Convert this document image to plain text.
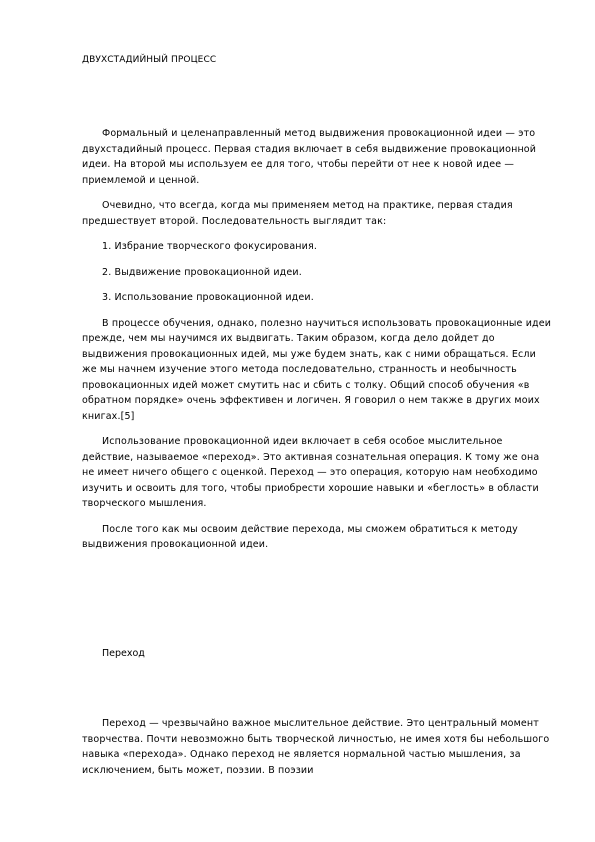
ДВУХСТАДИЙНЫЙ ПРОЦЕСС

Формальный и целенаправленный метод выдвижения провокационной идеи — это двухстадийный процесс. Первая стадия включает в себя выдвижение провокационной идеи. На второй мы используем ее для того, чтобы перейти от нее к новой идее — приемлемой и ценной.

Очевидно, что всегда, когда мы применяем метод на практике, первая стадия предшествует второй. Последовательность выглядит так:

1. Избрание творческого фокусирования.

2. Выдвижение провокационной идеи.

3. Использование провокационной идеи.

В процессе обучения, однако, полезно научиться использовать провокационные идеи прежде, чем мы научимся их выдвигать. Таким образом, когда дело дойдет до выдвижения провокационных идей, мы уже будем знать, как с ними обращаться. Если же мы начнем изучение этого метода последовательно, странность и необычность провокационных идей может смутить нас и сбить с толку. Общий способ обучения «в обратном порядке» очень эффективен и логичен. Я говорил о нем также в других моих книгах.[5]

Использование провокационной идеи включает в себя особое мыслительное действие, называемое «переход». Это активная сознательная операция. К тому же она не имеет ничего общего с оценкой. Переход — это операция, которую нам необходимо изучить и освоить для того, чтобы приобрести хорошие навыки и «беглость» в области творческого мышления.

После того как мы освоим действие перехода, мы сможем обратиться к методу выдвижения провокационной идеи.

Переход

Переход — чрезвычайно важное мыслительное действие. Это центральный момент творчества. Почти невозможно быть творческой личностью, не имея хотя бы небольшого навыка «перехода». Однако переход не является нормальной частью мышления, за исключением, быть может, поэзии. В поэзии
